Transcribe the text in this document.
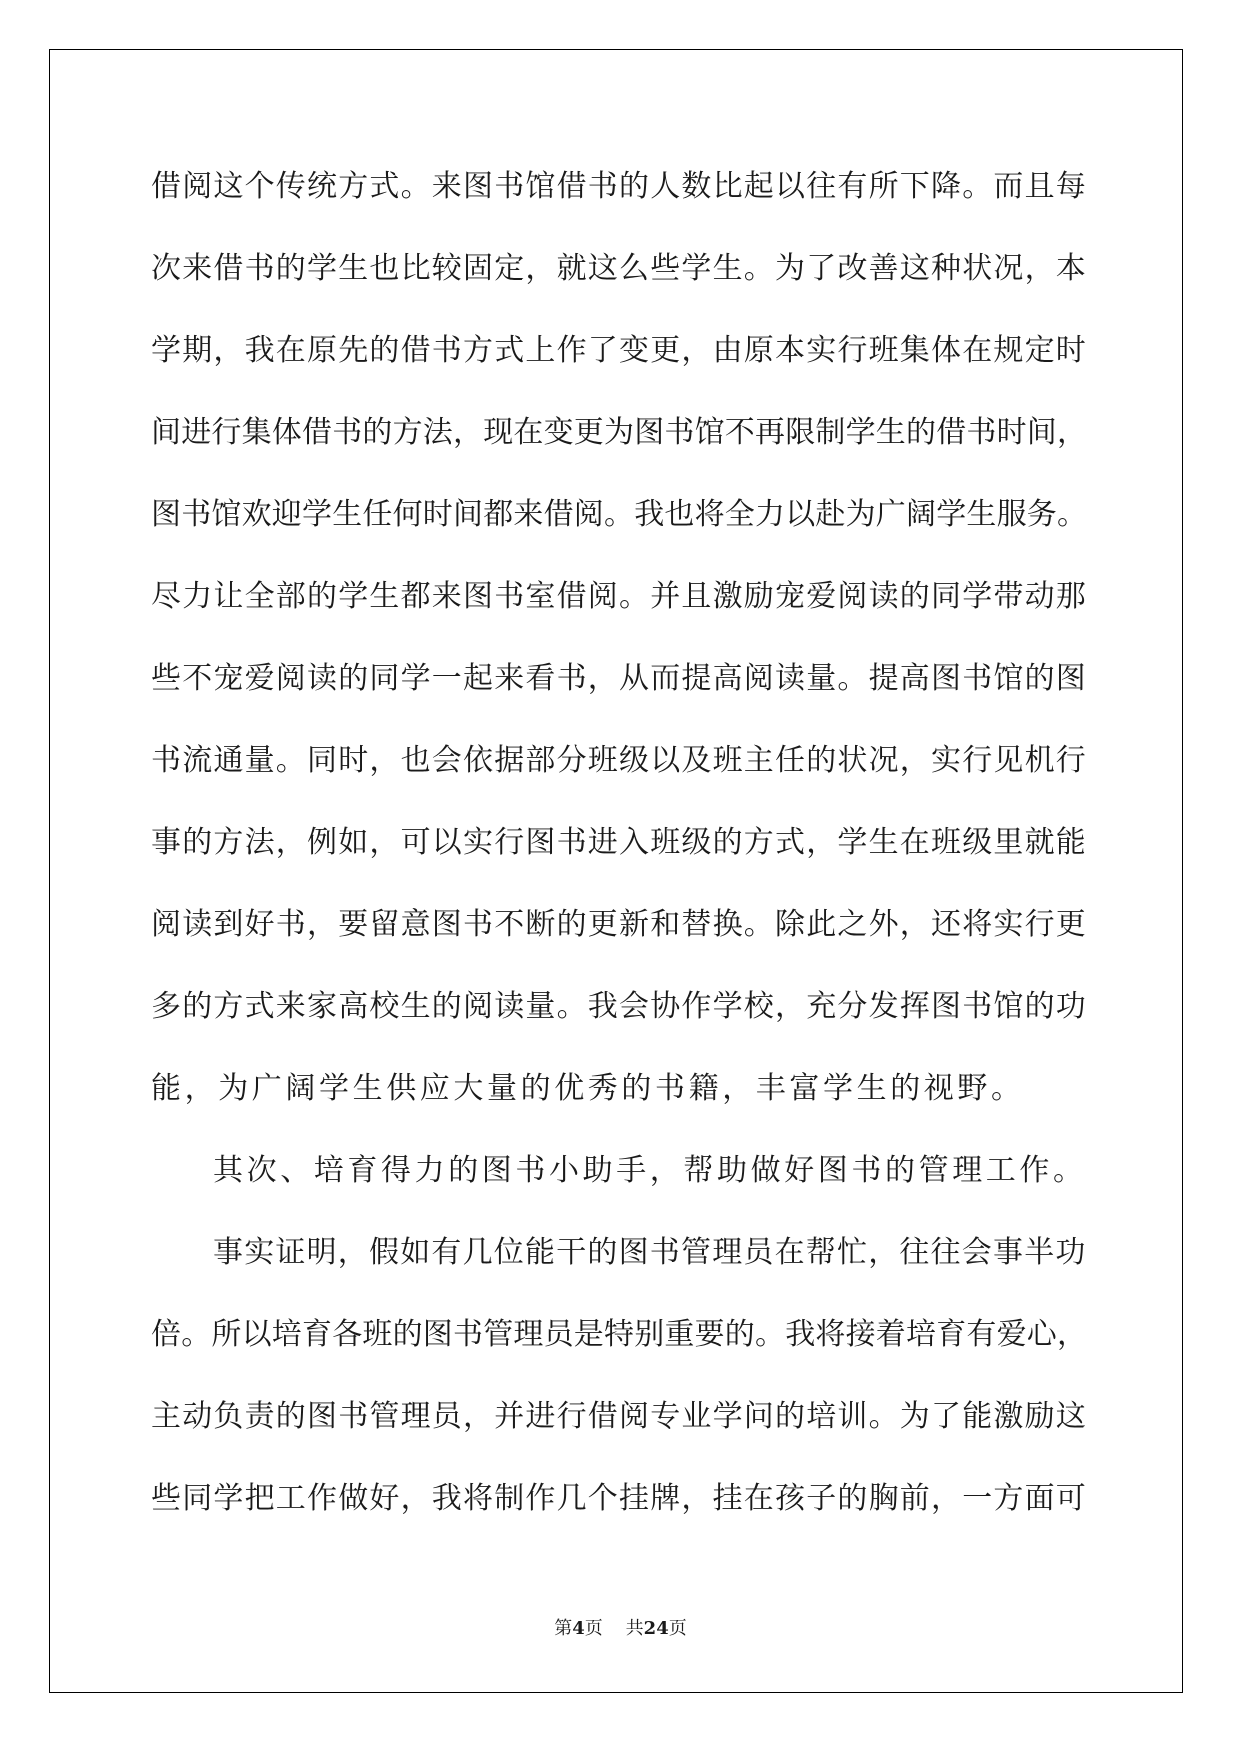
借阅这个传统方式。来图书馆借书的人数比起以往有所下降。而且每
次来借书的学生也比较固定，就这么些学生。为了改善这种状况，本
学期，我在原先的借书方式上作了变更，由原本实行班集体在规定时
间进行集体借书的方法，现在变更为图书馆不再限制学生的借书时间，
图书馆欢迎学生任何时间都来借阅。我也将全力以赴为广阔学生服务。
尽力让全部的学生都来图书室借阅。并且激励宠爱阅读的同学带动那
些不宠爱阅读的同学一起来看书，从而提高阅读量。提高图书馆的图
书流通量。同时，也会依据部分班级以及班主任的状况，实行见机行
事的方法，例如，可以实行图书进入班级的方式，学生在班级里就能
阅读到好书，要留意图书不断的更新和替换。除此之外，还将实行更
多的方式来家高校生的阅读量。我会协作学校，充分发挥图书馆的功
能，为广阔学生供应大量的优秀的书籍，丰富学生的视野。
其次、培育得力的图书小助手，帮助做好图书的管理工作。
事实证明，假如有几位能干的图书管理员在帮忙，往往会事半功
倍。所以培育各班的图书管理员是特别重要的。我将接着培育有爱心，
主动负责的图书管理员，并进行借阅专业学问的培训。为了能激励这
些同学把工作做好，我将制作几个挂牌，挂在孩子的胸前，一方面可
第4页 共24页
